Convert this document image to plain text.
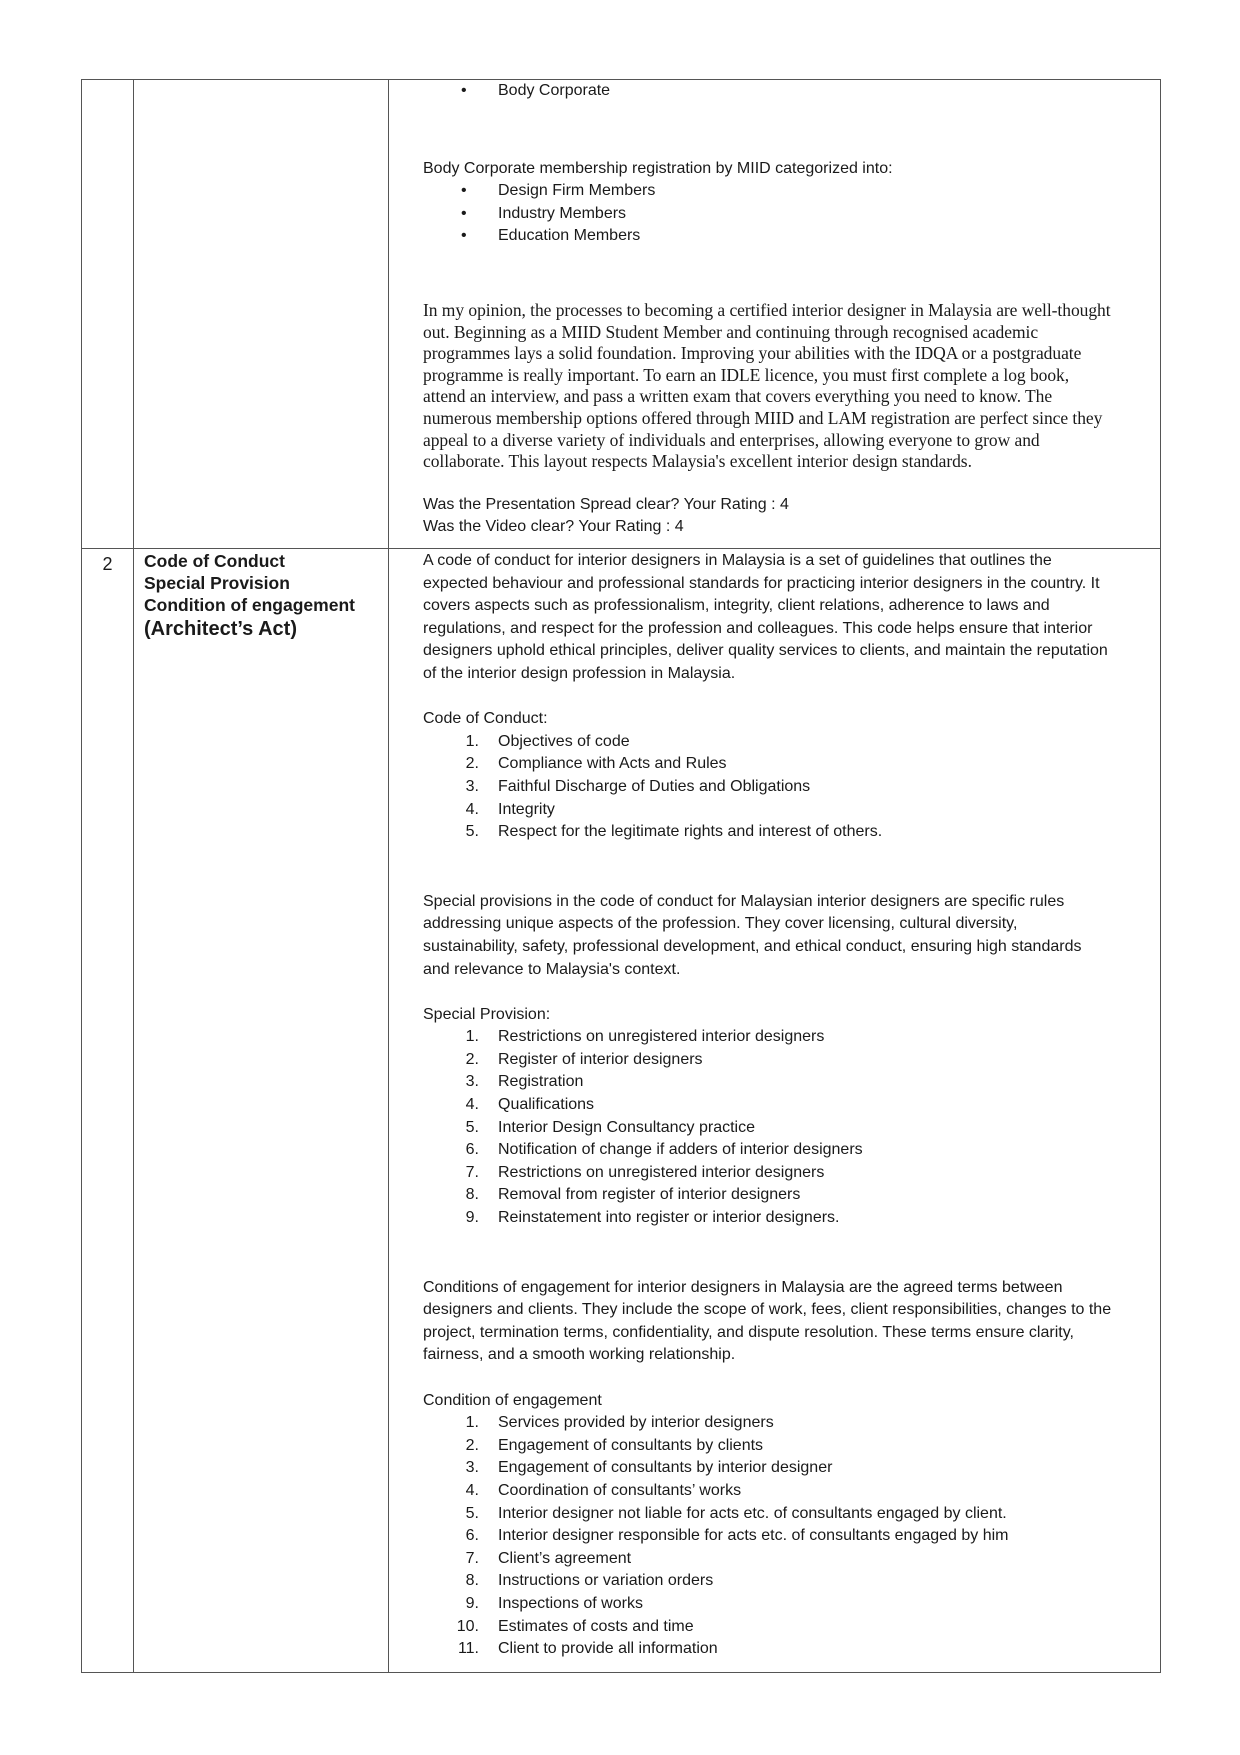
• Body Corporate

Body Corporate membership registration by MIID categorized into:

• Design Firm Members
• Industry Members
• Education Members
In my opinion, the processes to becoming a certified interior designer in Malaysia are well-thought
out. Beginning as a MIID Student Member and continuing through recognised academic
programmes lays a solid foundation. Improving your abilities with the IDQA or a postgraduate
programme is really important. To earn an IDLE licence, you must first complete a log book,
attend an interview, and pass a written exam that covers everything you need to know. The
numerous membership options offered through MIID and LAM registration are perfect since they
appeal to a diverse variety of individuals and enterprises, allowing everyone to grow and
collaborate. This layout respects Malaysia's excellent interior design standards.

Was the Presentation Spread clear? Your Rating : 4

Was the Video clear? Your Rating : 4

2	Code of Conduct
Special Provision
Condition of engagement
(Architect’s Act)
A code of conduct for interior designers in Malaysia is a set of guidelines that outlines the
expected behaviour and professional standards for practicing interior designers in the country. It
covers aspects such as professionalism, integrity, client relations, adherence to laws and
regulations, and respect for the profession and colleagues. This code helps ensure that interior
designers uphold ethical principles, deliver quality services to clients, and maintain the reputation
of the interior design profession in Malaysia.

Code of Conduct:

1. Objectives of code
2. Compliance with Acts and Rules
3. Faithful Discharge of Duties and Obligations
4. Integrity
5. Respect for the legitimate rights and interest of others.
Special provisions in the code of conduct for Malaysian interior designers are specific rules
addressing unique aspects of the profession. They cover licensing, cultural diversity,
sustainability, safety, professional development, and ethical conduct, ensuring high standards
and relevance to Malaysia's context.

Special Provision:

1. Restrictions on unregistered interior designers
2. Register of interior designers
3. Registration
4. Qualifications
5. Interior Design Consultancy practice
6. Notification of change if adders of interior designers
7. Restrictions on unregistered interior designers
8. Removal from register of interior designers
9. Reinstatement into register or interior designers.
Conditions of engagement for interior designers in Malaysia are the agreed terms between
designers and clients. They include the scope of work, fees, client responsibilities, changes to the
project, termination terms, confidentiality, and dispute resolution. These terms ensure clarity,
fairness, and a smooth working relationship.

Condition of engagement

1. Services provided by interior designers
2. Engagement of consultants by clients
3. Engagement of consultants by interior designer
4. Coordination of consultants’ works
5. Interior designer not liable for acts etc. of consultants engaged by client.
6. Interior designer responsible for acts etc. of consultants engaged by him
7. Client’s agreement
8. Instructions or variation orders
9. Inspections of works
10. Estimates of costs and time
11. Client to provide all information
